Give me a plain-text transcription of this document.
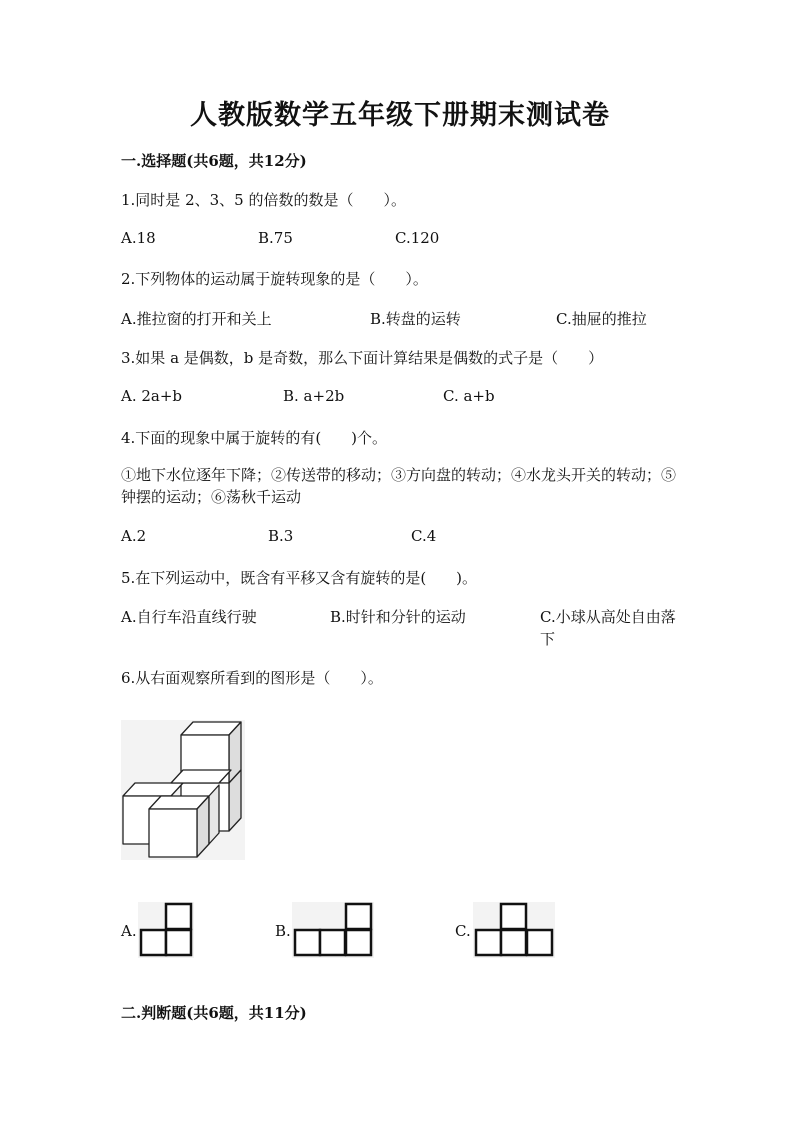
人教版数学五年级下册期末测试卷
一.选择题(共6题，共12分)
1.同时是 2、3、5 的倍数的数是（　　）。
A.18	B.75	C.120
2.下列物体的运动属于旋转现象的是（　　）。
A.推拉窗的打开和关上	B.转盘的运转	C.抽屉的推拉
3.如果 a 是偶数，b 是奇数，那么下面计算结果是偶数的式子是（　　）
A. 2a+b	B. a+2b	C. a+b
4.下面的现象中属于旋转的有(　　)个。
①地下水位逐年下降；②传送带的移动；③方向盘的转动；④水龙头开关的转动；⑤钟摆的运动；⑥荡秋千运动
A.2	B.3	C.4
5.在下列运动中，既含有平移又含有旋转的是(　　)。
A.自行车沿直线行驶	B.时针和分针的运动	C.小球从高处自由落下
6.从右面观察所看到的图形是（　　）。
A.	B.	C.
二.判断题(共6题，共11分)
